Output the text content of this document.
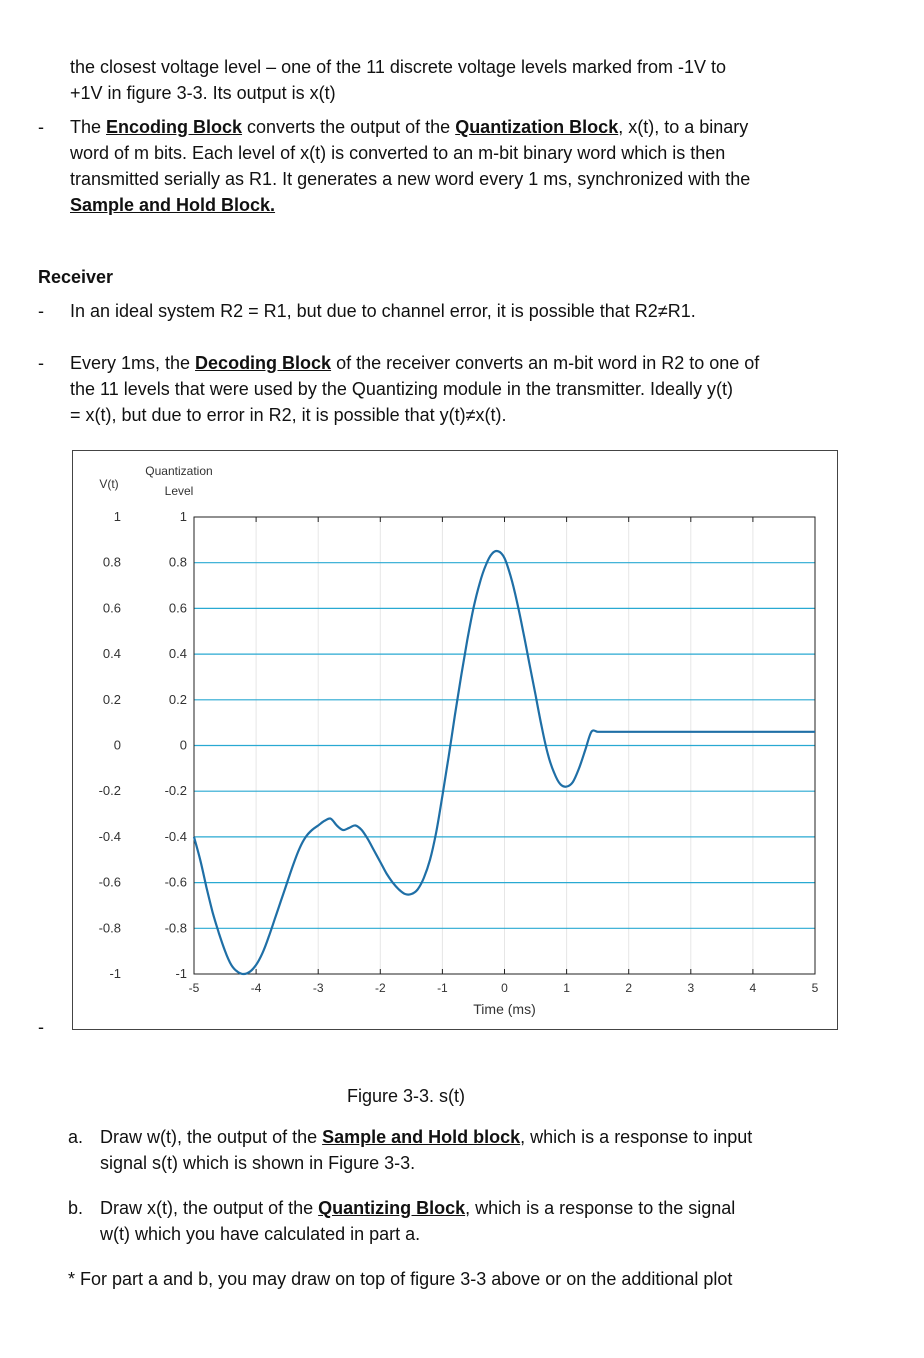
the closest voltage level – one of the 11 discrete voltage levels marked from -1V to

+1V in figure 3-3. Its output is x(t)

- The Encoding Block converts the output of the Quantization Block, x(t), to a binary

word of m bits. Each level of x(t) is converted to an m-bit binary word which is then

transmitted serially as R1. It generates a new word every 1 ms, synchronized with the

Sample and Hold Block.

Receiver
- In an ideal system R2 = R1, but due to channel error, it is possible that R2≠R1.

- Every 1ms, the Decoding Block of the receiver converts an m-bit word in R2 to one of

the 11 levels that were used by the Quantizing module in the transmitter. Ideally y(t)

= x(t), but due to error in R2, it is possible that y(t)≠x(t).

-5	-4	-3	-2	-1	0	1	2	3	4	5
1	1
0.8	0.8
0.6	0.6
0.4	0.4
0.2	0.2
0	0
-0.2	-0.2
-0.4	-0.4
-0.6	-0.6
-0.8	-0.8
-1	-1
V(t)
Quantization
Level
Time (ms)
-
Figure 3-3. s(t)
a. Draw w(t), the output of the Sample and Hold block, which is a response to input

signal s(t) which is shown in Figure 3-3.

b. Draw x(t), the output of the Quantizing Block, which is a response to the signal

w(t) which you have calculated in part a.

* For part a and b, you may draw on top of figure 3-3 above or on the additional plot
